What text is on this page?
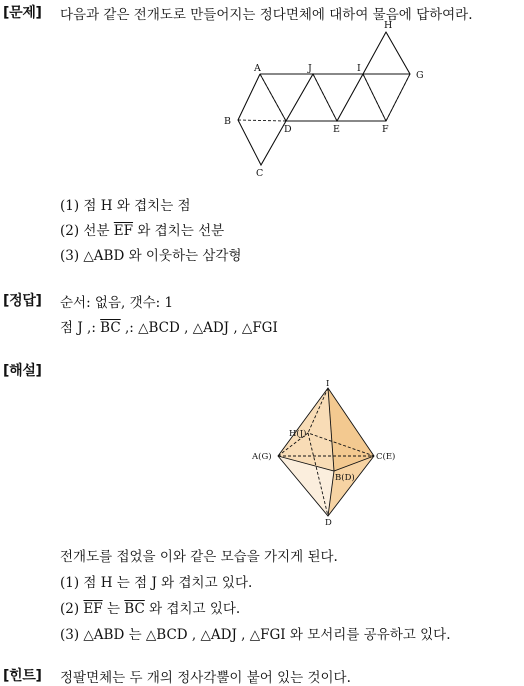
[문제] 다음과 같은 전개도로 만들어지는 정다면체에 대하여 물음에 답하여라.
A	J	I
H
G
B
D	E	F
C
(1) 점 H 와 겹치는 점
(2) 선분 $\overline{EF}$ 와 겹치는 선분
(3) △ABD 와 이웃하는 삼각형
[정답] 순서: 없음, 갯수: 1
점 J ,: $\overline{BC}$ ,: △BCD , △ADJ , △FGI
[해설]
I
H(J)
A(G)	C(E)
B(D)
D
전개도를 접었을 이와 같은 모습을 가지게 된다.
(1) 점 H 는 점 J 와 겹치고 있다.
(2) $\overline{EF}$ 는 $\overline{BC}$ 와 겹치고 있다.
(3) △ABD 는 △BCD , △ADJ , △FGI 와 모서리를 공유하고 있다.
[힌트] 정팔면체는 두 개의 정사각뿔이 붙어 있는 것이다.
